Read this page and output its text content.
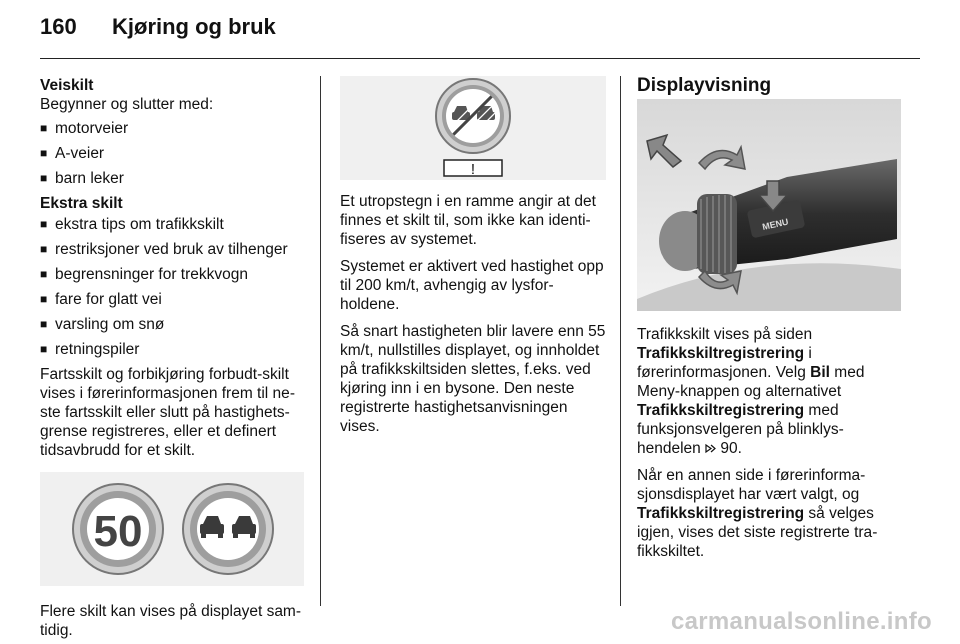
160 Kjøring og bruk

Veiskilt

Begynner og slutter med:

■ motorveier
■ A-veier
■ barn leker

Ekstra skilt

■ ekstra tips om trafikkskilt
■ restriksjoner ved bruk av tilhenger
■ begrensninger for trekkvogn
■ fare for glatt vei
■ varsling om snø
■ retningspiler

Fartsskilt og forbikjøring forbudt-skilt vises i førerinformasjonen frem til neste fartsskilt eller slutt på hastighetsgrense registreres, eller et definert tidsavbrudd for et skilt.

50

Flere skilt kan vises på displayet samtidig.

!

Et utropstegn i en ramme angir at det finnes et skilt til, som ikke kan identifiseres av systemet.

Systemet er aktivert ved hastighet opp til 200 km/t, avhengig av lysforholdene.

Så snart hastigheten blir lavere enn 55 km/t, nullstilles displayet, og innholdet på trafikkskiltsiden slettes, f.eks. ved kjøring inn i en bysone. Den neste registrerte hastighetsanvisningen vises.

Displayvisning

MENU

Trafikkskilt vises på siden Trafikkskiltregistrering i førerinformasjonen. Velg Bil med Meny-knappen og alternativet Trafikkskiltregistrering med funksjonsvelgeren på blinklyshendelen  90.

Når en annen side i førerinformasjonsdisplayet har vært valgt, og Trafikkskiltregistrering så velges igjen, vises det siste registrerte trafikkskiltet.

carmanualsonline.info
